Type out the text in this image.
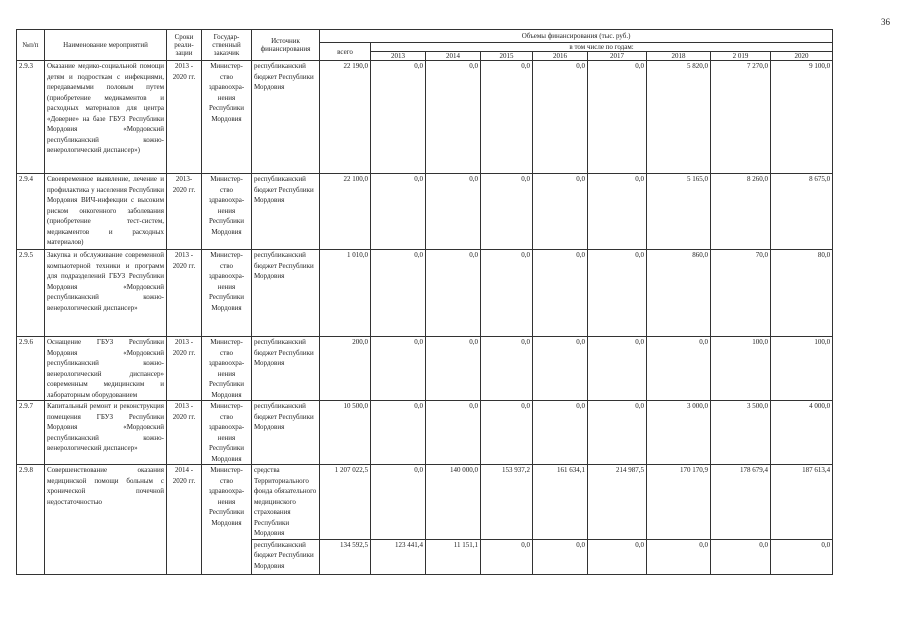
36
№п/п	Наименование мероприятий	Сроки реали-зации	Государ-ственный заказчик	Источник финансирования	Объемы финансирования (тыс. руб.)								
					всего	в том числе по годам:							
						2013	2014	2015	2016	2017	2018	2 019	2020
2.9.3	Оказание медико-социальной помощи детям и подросткам с инфекциями, передаваемыми половым путем (приобретение медикаментов и расходных материалов для центра «Доверие» на базе ГБУЗ Республики Мордовия «Мордовский республиканский кожно-венерологический диспансер»)	2013 - 2020 гг.	Министер-ство здравоохра-нения Республики Мордовия	республиканский бюджет Республики Мордовия	22 190,0	0,0	0,0	0,0	0,0	0,0	5 820,0	7 270,0	9 100,0
2.9.4	Своевременное выявление, лечение и профилактика у населения Республики Мордовия ВИЧ-инфекции с высоким риском онкогенного заболевания (приобретение тест-систем, медикаментов и расходных материалов)	2013-2020 гг.	Министер-ство здравоохра-нения Республики Мордовия	республиканский бюджет Республики Мордовия	22 100,0	0,0	0,0	0,0	0,0	0,0	5 165,0	8 260,0	8 675,0
2.9.5	Закупка и обслуживание современной компьютерной техники и программ для подразделений ГБУЗ Республики Мордовия «Мордовский республиканский кожно-венерологический диспансер»	2013 - 2020 гг.	Министер-ство здравоохра-нения Республики Мордовия	республиканский бюджет Республики Мордовия	1 010,0	0,0	0,0	0,0	0,0	0,0	860,0	70,0	80,0
2.9.6	Оснащение ГБУЗ Республики Мордовия «Мордовский республиканский кожно-венерологический диспансер» современным медицинским и лабораторным оборудованием	2013 - 2020 гг.	Министер-ство здравоохра-нения Республики Мордовия	республиканский бюджет Республики Мордовия	200,0	0,0	0,0	0,0	0,0	0,0	0,0	100,0	100,0
2.9.7	Капитальный ремонт и реконструкция помещения ГБУЗ Республики Мордовия «Мордовский республиканский кожно-венерологический диспансер»	2013 - 2020 гг.	Министер-ство здравоохра-нения Республики Мордовия	республиканский бюджет Республики Мордовия	10 500,0	0,0	0,0	0,0	0,0	0,0	3 000,0	3 500,0	4 000,0
2.9.8	Совершенствование оказания медицинской помощи больным с хронической почечной недостаточностью	2014 - 2020 гг.	Министер-ство здравоохра-нения Республики Мордовия	средства Территориального фонда обязательного медицинского страхования Республики Мордовия	1 207 022,5	0,0	140 000,0	153 937,2	161 634,1	214 987,5	170 170,9	178 679,4	187 613,4
				республиканский бюджет Республики Мордовия	134 592,5	123 441,4	11 151,1	0,0	0,0	0,0	0,0	0,0	0,0
